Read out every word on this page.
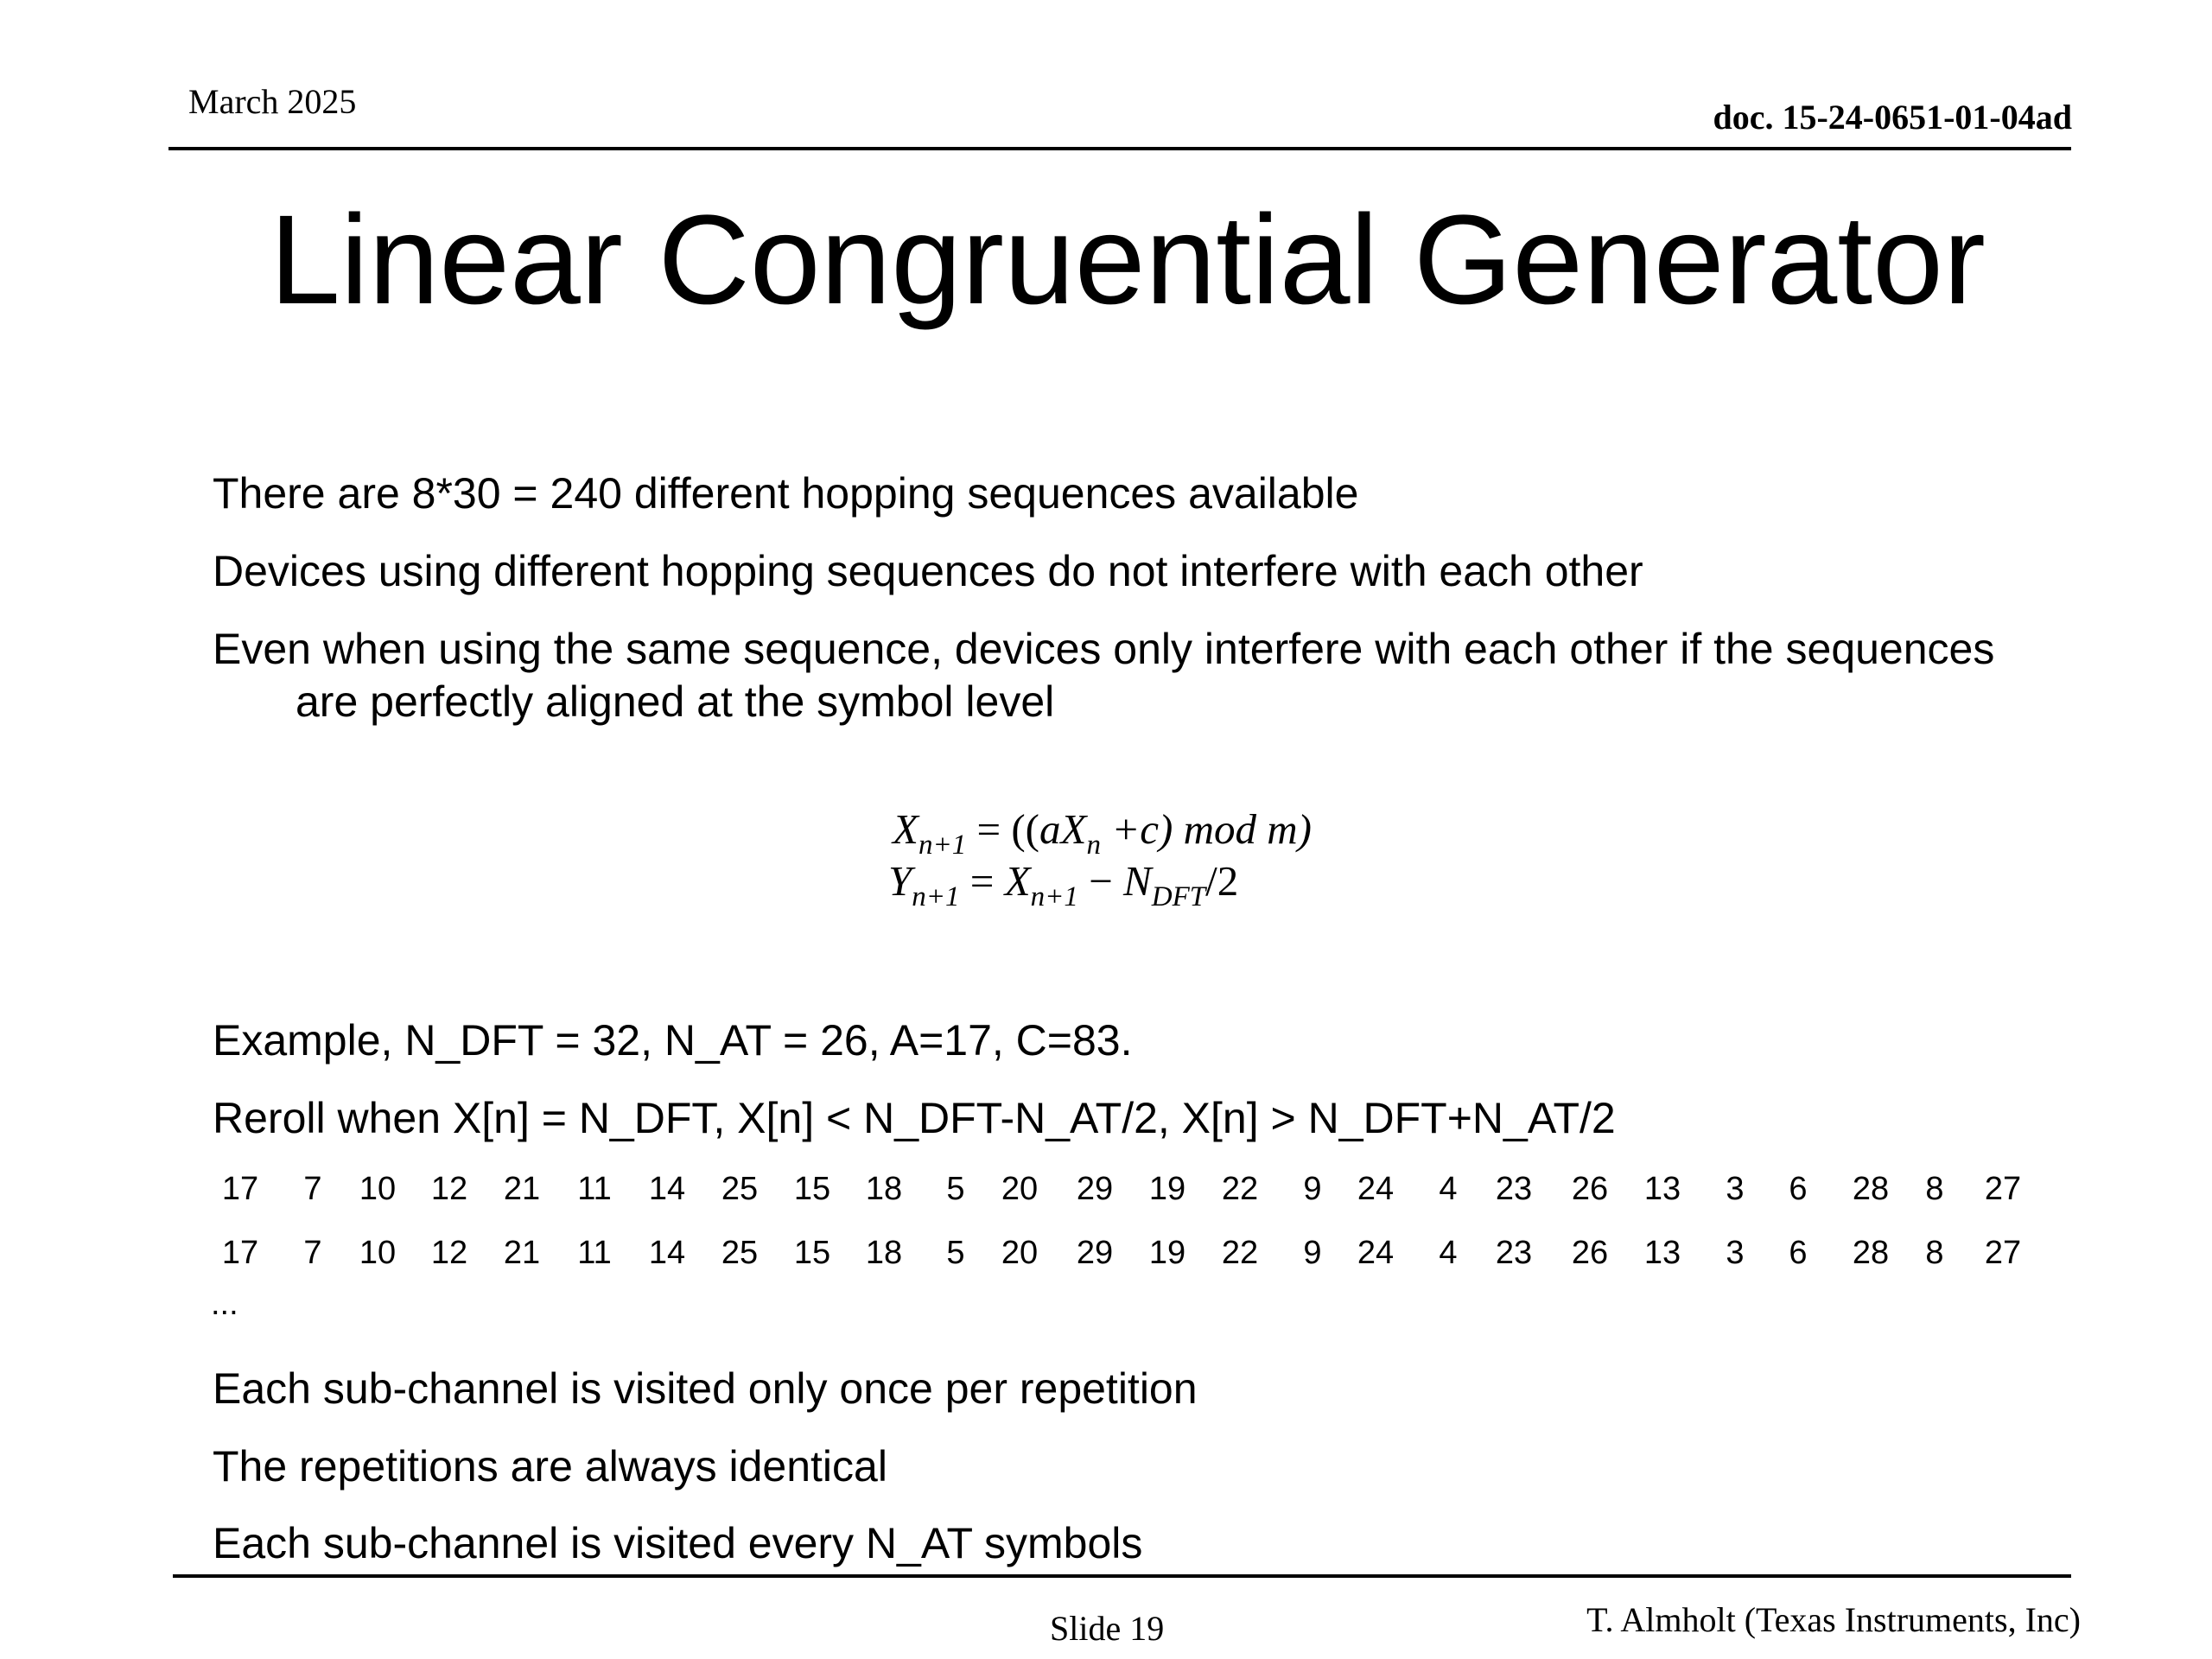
March 2025	doc. 15-24-0651-01-04ad
Linear Congruential Generator
There are 8*30 = 240 different hopping sequences available
Devices using different hopping sequences do not interfere with each other
Even when using the same sequence, devices only interfere with each other if the sequences
are perfectly aligned at the symbol level
$X_{n+1} = ((aX_n +c)$ mod m)
$Y_{n+1} = X_{n+1} - N_{DFT}/2$
Example, N_DFT = 32, N_AT = 26, A=17, C=83.
Reroll when X[n] = N_DFT, X[n] < N_DFT-N_AT/2, X[n] > N_DFT+N_AT/2
17	7	10 12 21 11 14 25 15 18	5	20 29 19 22	9	24	4	23 26 13	3	6	28	8	27
17	7	10 12 21 11 14 25 15 18	5	20 29 19 22	9	24	4	23 26 13	3	6	28	8	27
...
Each sub-channel is visited only once per repetition
The repetitions are always identical
Each sub-channel is visited every N_AT symbols
Slide 19	T. Almholt (Texas Instruments, Inc)
